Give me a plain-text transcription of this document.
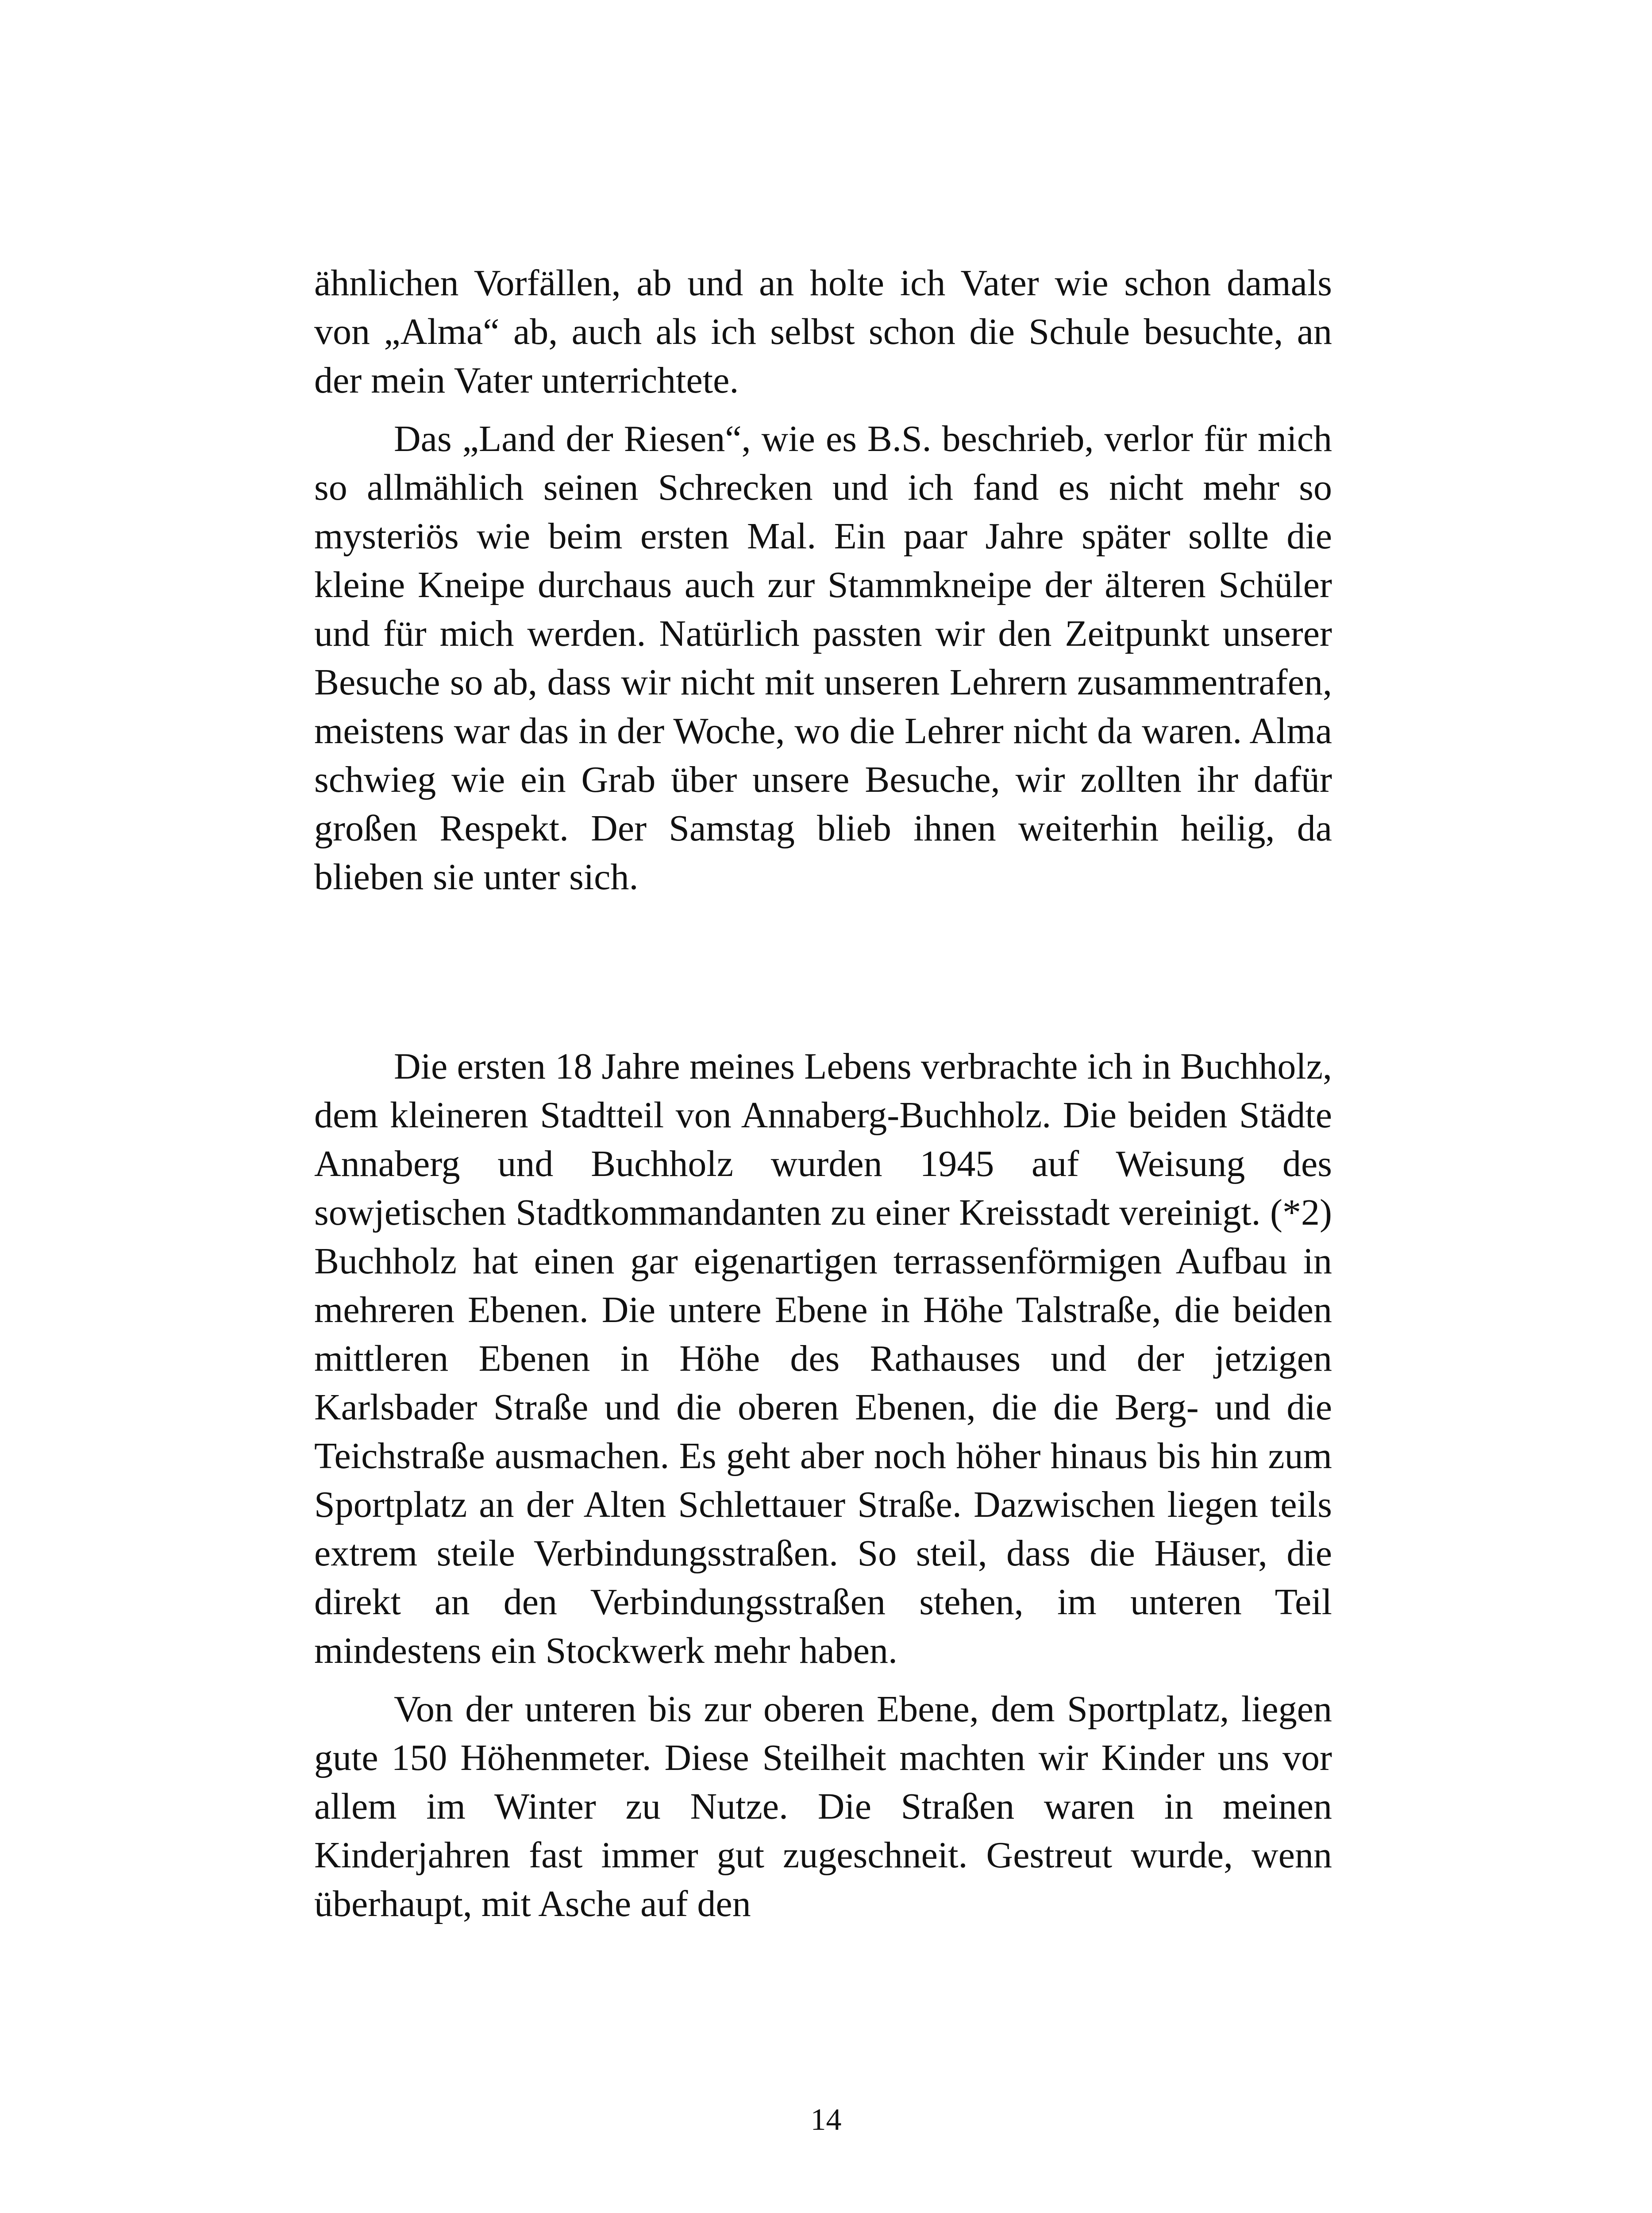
ähnlichen Vorfällen, ab und an holte ich Vater wie schon damals von „Alma“ ab, auch als ich selbst schon die Schule besuchte, an der mein Vater unterrichtete.

Das „Land der Riesen“, wie es B.S. beschrieb, verlor für mich so allmählich seinen Schrecken und ich fand es nicht mehr so mysteriös wie beim ersten Mal. Ein paar Jahre später sollte die kleine Kneipe durchaus auch zur Stammkneipe der älteren Schüler und für mich werden. Natürlich passten wir den Zeitpunkt unserer Besuche so ab, dass wir nicht mit unseren Lehrern zusammentrafen, meistens war das in der Woche, wo die Lehrer nicht da waren. Alma schwieg wie ein Grab über unsere Besuche, wir zollten ihr dafür großen Respekt. Der Samstag blieb ihnen weiterhin heilig, da blieben sie unter sich.

Die ersten 18 Jahre meines Lebens verbrachte ich in Buchholz, dem kleineren Stadtteil von Annaberg-Buchholz. Die beiden Städte Annaberg und Buchholz wurden 1945 auf Weisung des sowjetischen Stadtkommandanten zu einer Kreisstadt vereinigt. (*2) Buchholz hat einen gar eigenartigen terrassenförmigen Aufbau in mehreren Ebenen. Die untere Ebene in Höhe Talstraße, die beiden mittleren Ebenen in Höhe des Rathauses und der jetzigen Karlsbader Straße und die oberen Ebenen, die die Berg- und die Teichstraße ausmachen. Es geht aber noch höher hinaus bis hin zum Sportplatz an der Alten Schlettauer Straße. Dazwischen liegen teils extrem steile Verbindungsstraßen. So steil, dass die Häuser, die direkt an den Verbindungsstraßen stehen, im unteren Teil mindestens ein Stockwerk mehr haben.

Von der unteren bis zur oberen Ebene, dem Sportplatz, liegen gute 150 Höhenmeter. Diese Steilheit machten wir Kinder uns vor allem im Winter zu Nutze. Die Straßen waren in meinen Kinderjahren fast immer gut zugeschneit. Gestreut wurde, wenn überhaupt, mit Asche auf den

14
